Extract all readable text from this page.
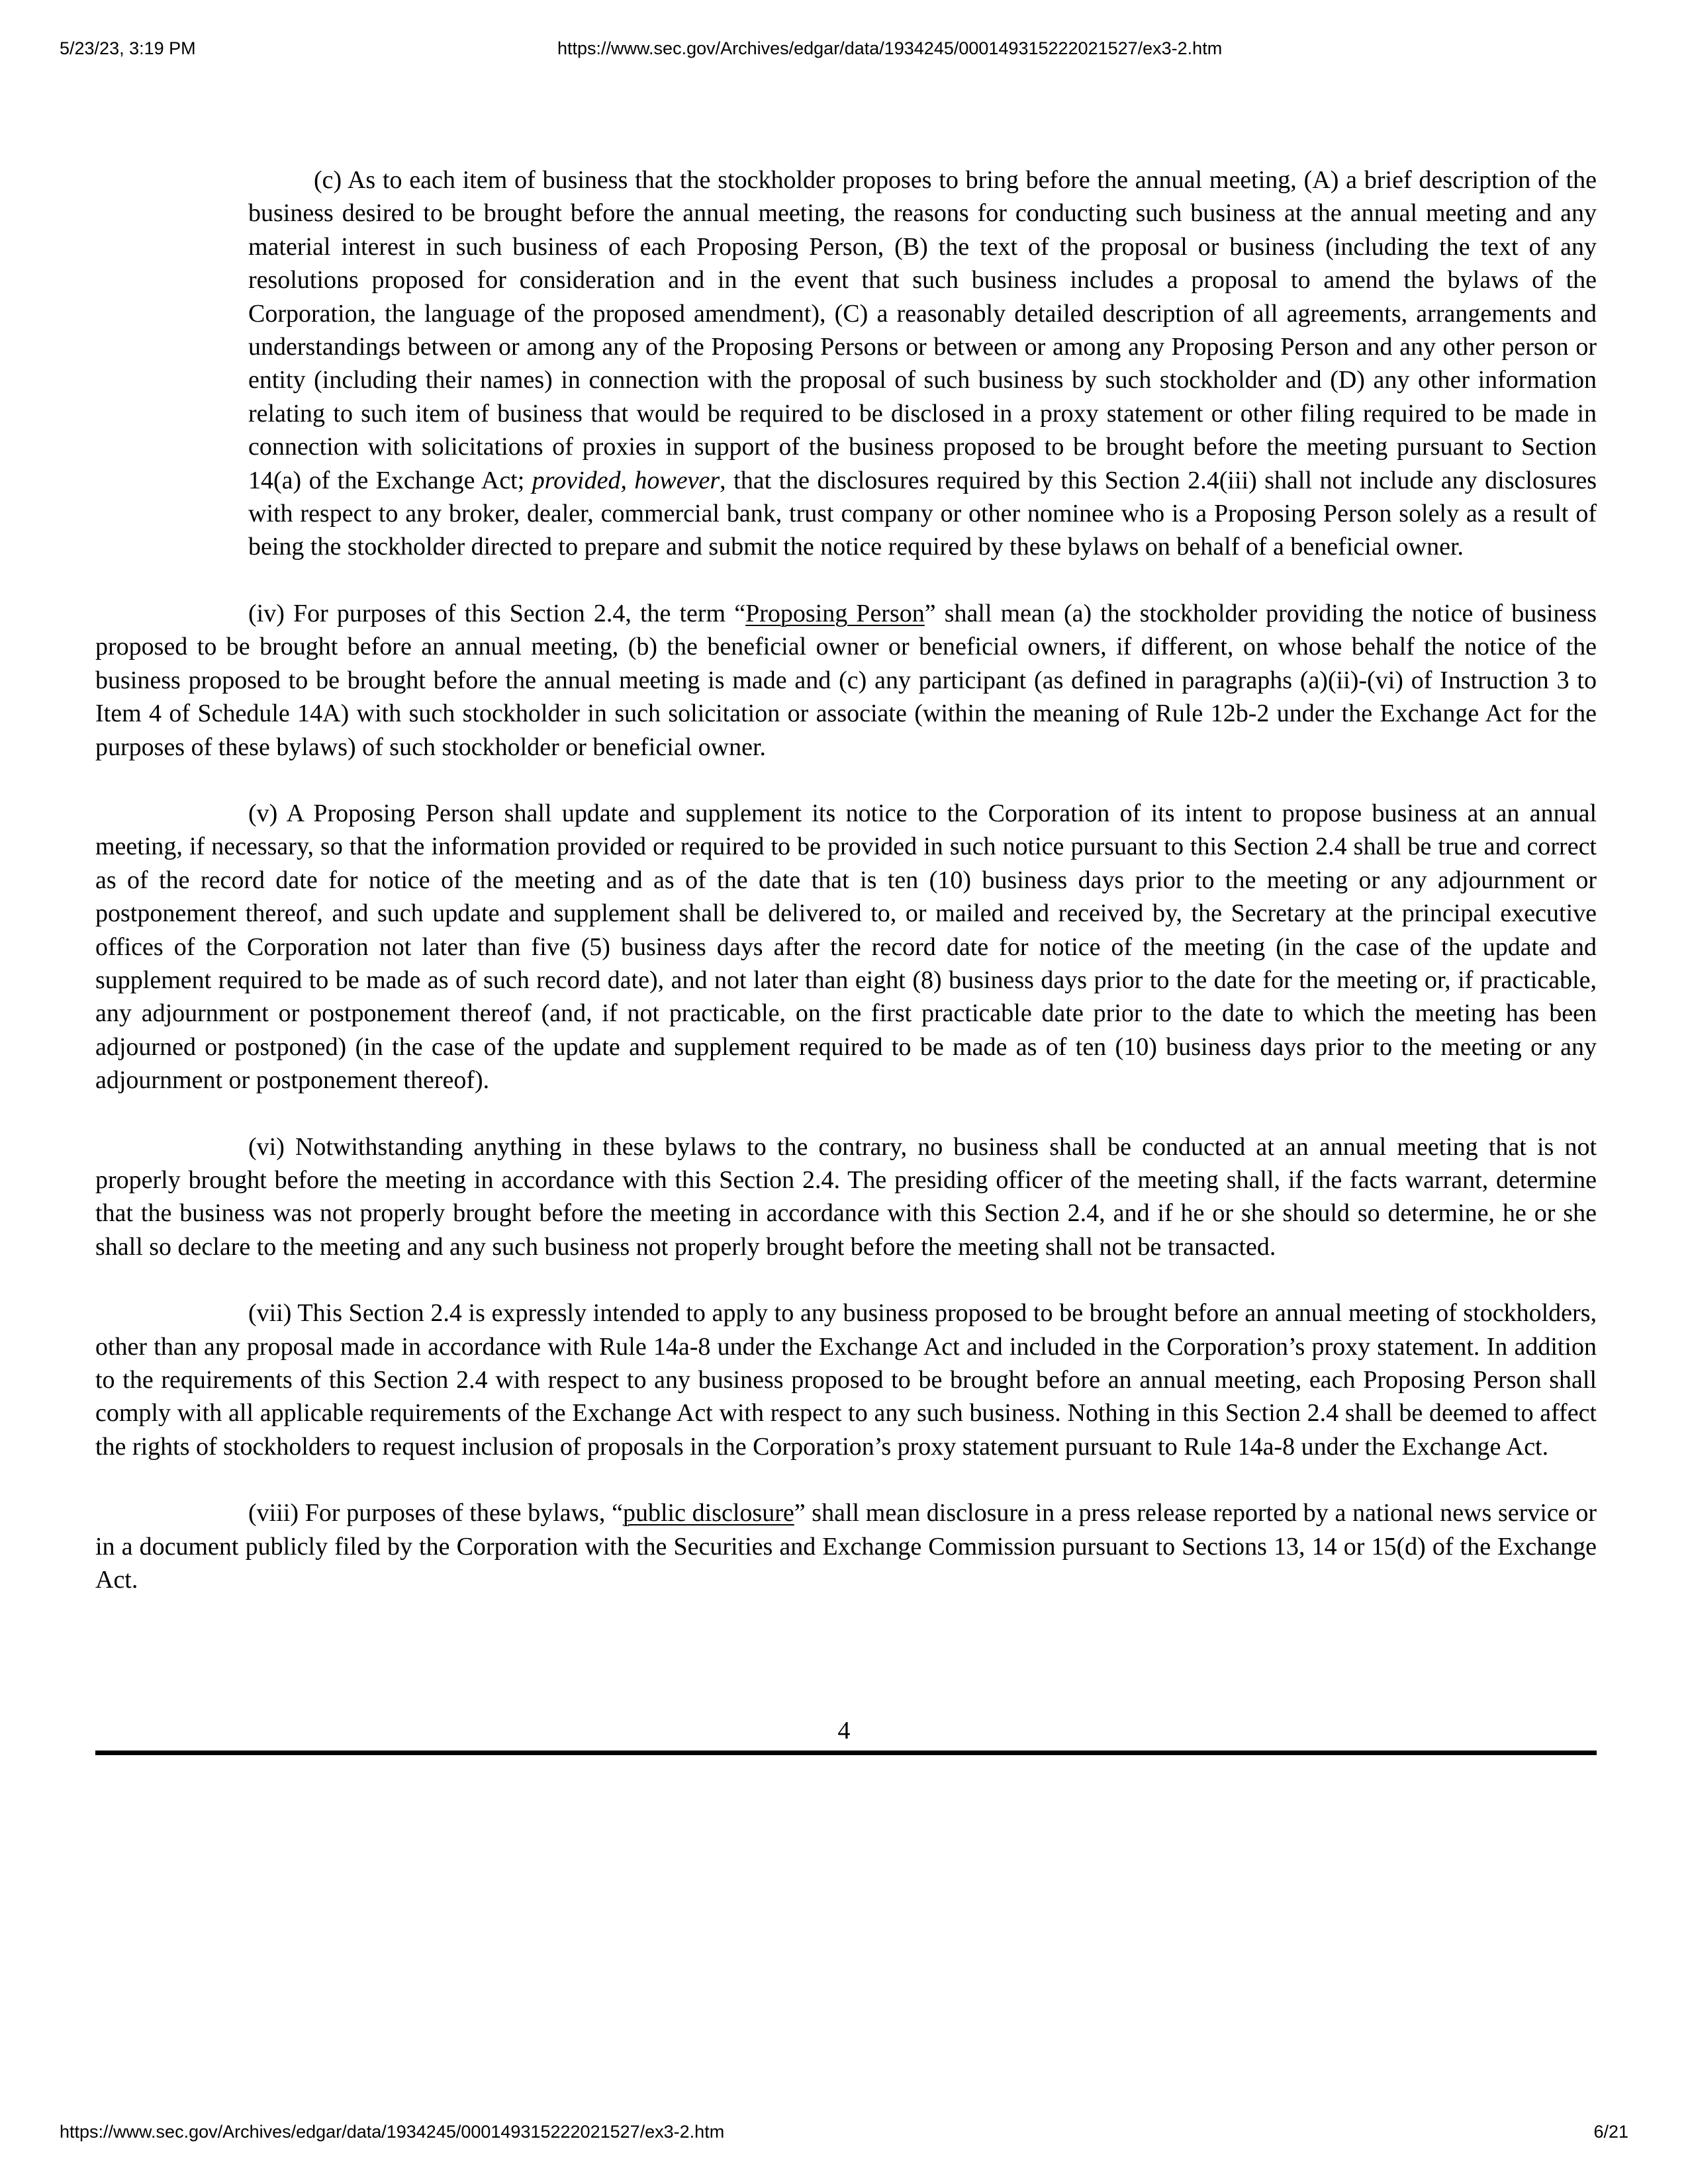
5/23/23, 3:19 PM	https://www.sec.gov/Archives/edgar/data/1934245/000149315222021527/ex3-2.htm

(c) As to each item of business that the stockholder proposes to bring before the annual meeting, (A) a brief description of the business desired to be brought before the annual meeting, the reasons for conducting such business at the annual meeting and any material interest in such business of each Proposing Person, (B) the text of the proposal or business (including the text of any resolutions proposed for consideration and in the event that such business includes a proposal to amend the bylaws of the Corporation, the language of the proposed amendment), (C) a reasonably detailed description of all agreements, arrangements and understandings between or among any of the Proposing Persons or between or among any Proposing Person and any other person or entity (including their names) in connection with the proposal of such business by such stockholder and (D) any other information relating to such item of business that would be required to be disclosed in a proxy statement or other filing required to be made in connection with solicitations of proxies in support of the business proposed to be brought before the meeting pursuant to Section 14(a) of the Exchange Act; provided, however, that the disclosures required by this Section 2.4(iii) shall not include any disclosures with respect to any broker, dealer, commercial bank, trust company or other nominee who is a Proposing Person solely as a result of being the stockholder directed to prepare and submit the notice required by these bylaws on behalf of a beneficial owner.

(iv) For purposes of this Section 2.4, the term “Proposing Person” shall mean (a) the stockholder providing the notice of business proposed to be brought before an annual meeting, (b) the beneficial owner or beneficial owners, if different, on whose behalf the notice of the business proposed to be brought before the annual meeting is made and (c) any participant (as defined in paragraphs (a)(ii)-(vi) of Instruction 3 to Item 4 of Schedule 14A) with such stockholder in such solicitation or associate (within the meaning of Rule 12b-2 under the Exchange Act for the purposes of these bylaws) of such stockholder or beneficial owner.

(v) A Proposing Person shall update and supplement its notice to the Corporation of its intent to propose business at an annual meeting, if necessary, so that the information provided or required to be provided in such notice pursuant to this Section 2.4 shall be true and correct as of the record date for notice of the meeting and as of the date that is ten (10) business days prior to the meeting or any adjournment or postponement thereof, and such update and supplement shall be delivered to, or mailed and received by, the Secretary at the principal executive offices of the Corporation not later than five (5) business days after the record date for notice of the meeting (in the case of the update and supplement required to be made as of such record date), and not later than eight (8) business days prior to the date for the meeting or, if practicable, any adjournment or postponement thereof (and, if not practicable, on the first practicable date prior to the date to which the meeting has been adjourned or postponed) (in the case of the update and supplement required to be made as of ten (10) business days prior to the meeting or any adjournment or postponement thereof).

(vi) Notwithstanding anything in these bylaws to the contrary, no business shall be conducted at an annual meeting that is not properly brought before the meeting in accordance with this Section 2.4. The presiding officer of the meeting shall, if the facts warrant, determine that the business was not properly brought before the meeting in accordance with this Section 2.4, and if he or she should so determine, he or she shall so declare to the meeting and any such business not properly brought before the meeting shall not be transacted.

(vii) This Section 2.4 is expressly intended to apply to any business proposed to be brought before an annual meeting of stockholders, other than any proposal made in accordance with Rule 14a-8 under the Exchange Act and included in the Corporation’s proxy statement. In addition to the requirements of this Section 2.4 with respect to any business proposed to be brought before an annual meeting, each Proposing Person shall comply with all applicable requirements of the Exchange Act with respect to any such business. Nothing in this Section 2.4 shall be deemed to affect the rights of stockholders to request inclusion of proposals in the Corporation’s proxy statement pursuant to Rule 14a-8 under the Exchange Act.

(viii) For purposes of these bylaws, “public disclosure” shall mean disclosure in a press release reported by a national news service or in a document publicly filed by the Corporation with the Securities and Exchange Commission pursuant to Sections 13, 14 or 15(d) of the Exchange Act.

4
https://www.sec.gov/Archives/edgar/data/1934245/000149315222021527/ex3-2.htm	6/21
